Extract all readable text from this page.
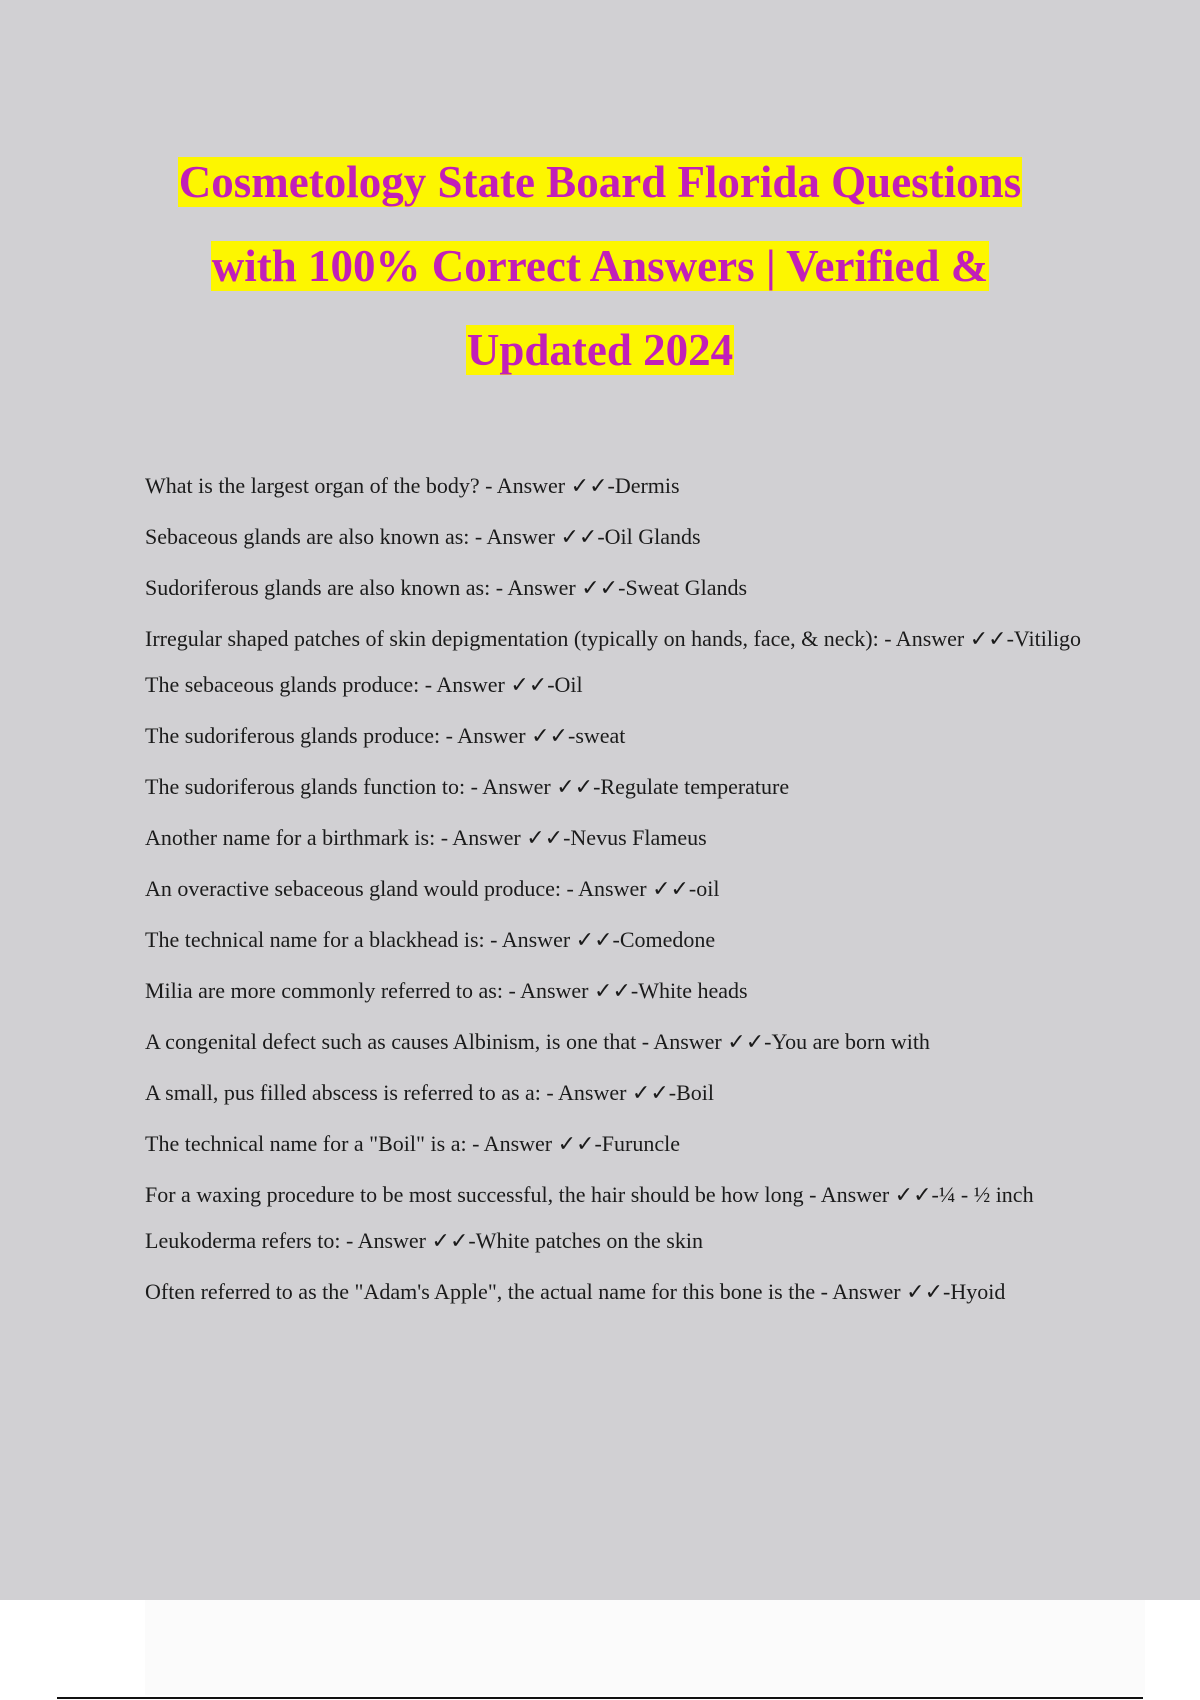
Cosmetology State Board Florida Questions
with 100% Correct Answers | Verified &
Updated 2024

What is the largest organ of the body? - Answer ✓✓-Dermis

Sebaceous glands are also known as: - Answer ✓✓-Oil Glands

Sudoriferous glands are also known as: - Answer ✓✓-Sweat Glands

Irregular shaped patches of skin depigmentation (typically on hands, face, & neck): - Answer ✓✓-Vitiligo

The sebaceous glands produce: - Answer ✓✓-Oil

The sudoriferous glands produce: - Answer ✓✓-sweat

The sudoriferous glands function to: - Answer ✓✓-Regulate temperature

Another name for a birthmark is: - Answer ✓✓-Nevus Flameus

An overactive sebaceous gland would produce: - Answer ✓✓-oil

The technical name for a blackhead is: - Answer ✓✓-Comedone

Milia are more commonly referred to as: - Answer ✓✓-White heads

A congenital defect such as causes Albinism, is one that - Answer ✓✓-You are born with

A small, pus filled abscess is referred to as a: - Answer ✓✓-Boil

The technical name for a "Boil" is a: - Answer ✓✓-Furuncle

For a waxing procedure to be most successful, the hair should be how long - Answer ✓✓-¼ - ½ inch

Leukoderma refers to: - Answer ✓✓-White patches on the skin

Often referred to as the "Adam's Apple", the actual name for this bone is the - Answer ✓✓-Hyoid
